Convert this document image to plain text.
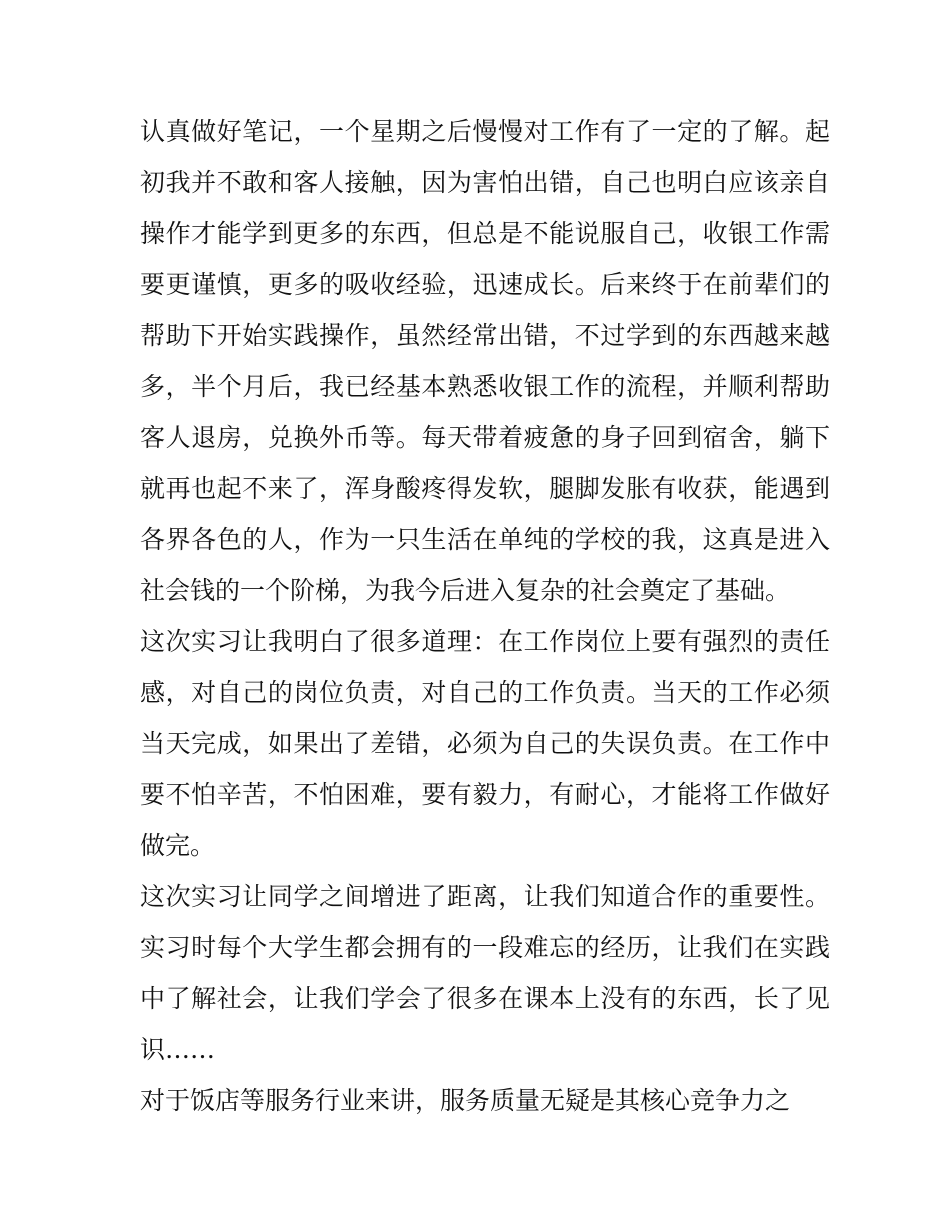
认真做好笔记，一个星期之后慢慢对工作有了一定的了解。起初我并不敢和客人接触，因为害怕出错，自己也明白应该亲自操作才能学到更多的东西，但总是不能说服自己，收银工作需要更谨慎，更多的吸收经验，迅速成长。后来终于在前辈们的帮助下开始实践操作，虽然经常出错，不过学到的东西越来越多，半个月后，我已经基本熟悉收银工作的流程，并顺利帮助客人退房，兑换外币等。每天带着疲惫的身子回到宿舍，躺下就再也起不来了，浑身酸疼得发软，腿脚发胀有收获，能遇到各界各色的人，作为一只生活在单纯的学校的我，这真是进入社会钱的一个阶梯，为我今后进入复杂的社会奠定了基础。

这次实习让我明白了很多道理：在工作岗位上要有强烈的责任感，对自己的岗位负责，对自己的工作负责。当天的工作必须当天完成，如果出了差错，必须为自己的失误负责。在工作中要不怕辛苦，不怕困难，要有毅力，有耐心，才能将工作做好做完。

这次实习让同学之间增进了距离，让我们知道合作的重要性。实习时每个大学生都会拥有的一段难忘的经历，让我们在实践中了解社会，让我们学会了很多在课本上没有的东西，长了见识……

对于饭店等服务行业来讲，服务质量无疑是其核心竞争力之
